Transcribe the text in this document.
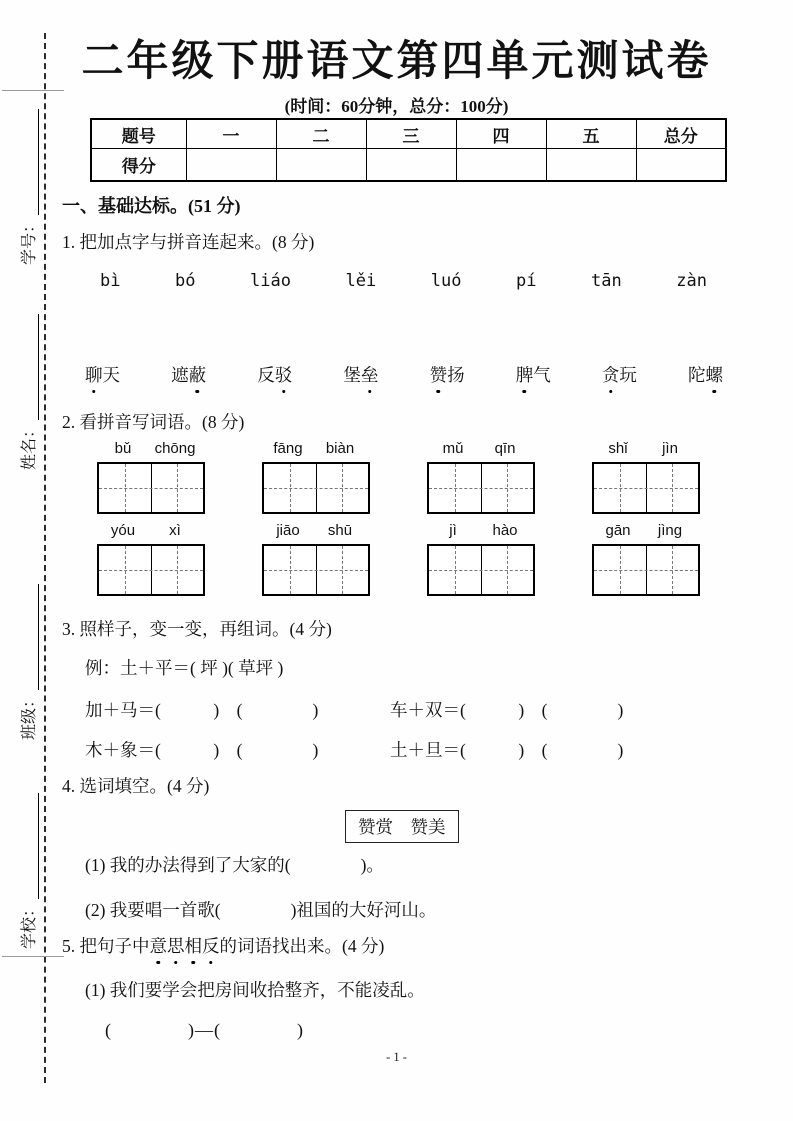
学号：
姓名：
班级：
学校：
二年级下册语文第四单元测试卷
(时间：60分钟，总分：100分)
题号	一	二	三	四	五	总分
得分						
一、基础达标。(51 分)
1. 把加点字与拼音连起来。(8 分)
bì	bó	liáo	lěi	luó	pí	tān	zàn
聊天	遮蔽	反驳	堡垒	赞扬	脾气	贪玩	陀螺
2. 看拼音写词语。(8 分)
bǔ	chōng	fāng	biàn	mǔ	qīn	shǐ	jìn
yóu	xì	jiāo	shū	jì	hào	gān	jìng
3. 照样子，变一变，再组词。(4 分)
例：土＋平＝( 坪 )( 草坪 )
加＋马＝(　　　)　(　　　　)	车＋双＝(　　　)　(　　　　)
木＋象＝(　　　)　(　　　　)	土＋旦＝(　　　)　(　　　　)
4. 选词填空。(4 分)
赞赏　赞美
(1) 我的办法得到了大家的(　　　　)。
(2) 我要唱一首歌(　　　　)祖国的大好河山。
5. 把句子中意思相反的词语找出来。(4 分)
(1) 我们要学会把房间收拾整齐，不能凌乱。
(　　　　)—(　　　　)
- 1 -
